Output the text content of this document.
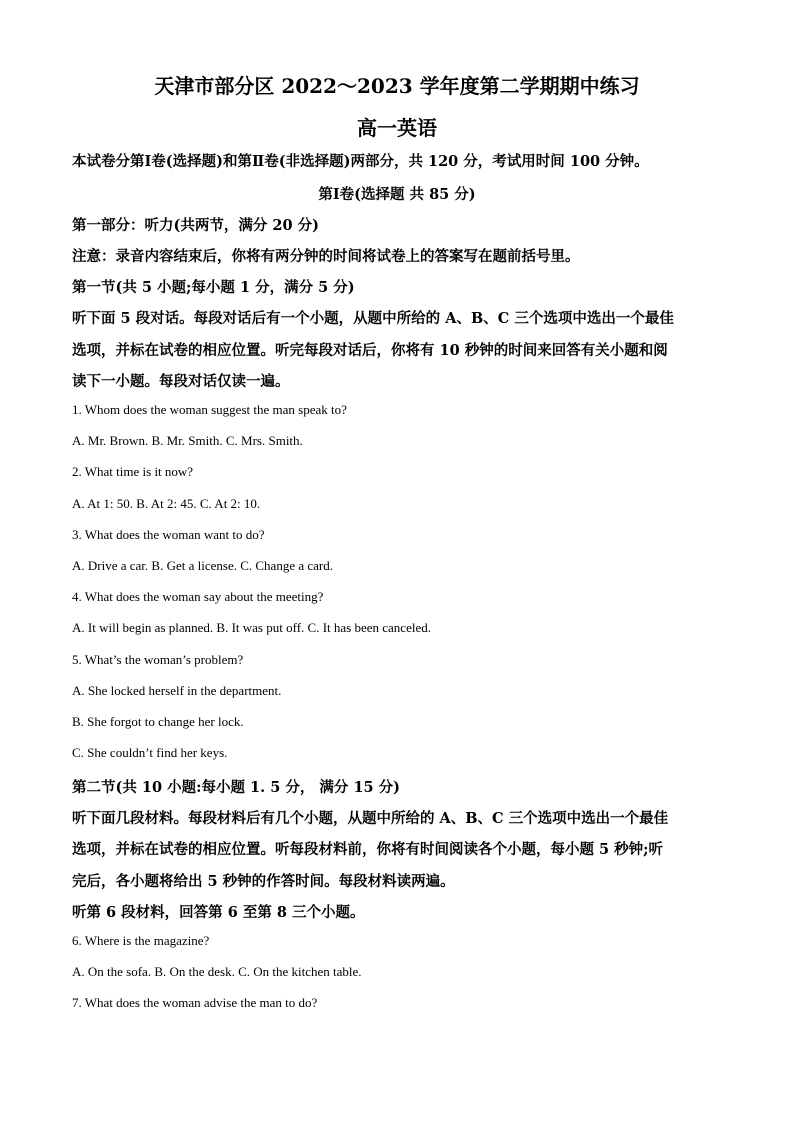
天津市部分区 2022～2023 学年度第二学期期中练习
高一英语
本试卷分第Ⅰ卷(选择题)和第Ⅱ卷(非选择题)两部分，共 120 分，考试用时间 100 分钟。
第Ⅰ卷(选择题 共 85 分)
第一部分：听力(共两节，满分 20 分)
注意：录音内容结束后，你将有两分钟的时间将试卷上的答案写在题前括号里。
第一节(共 5 小题;每小题 1 分，满分 5 分)
听下面 5 段对话。每段对话后有一个小题，从题中所给的 A、B、C 三个选项中选出一个最佳
选项，并标在试卷的相应位置。听完每段对话后，你将有 10 秒钟的时间来回答有关小题和阅
读下一小题。每段对话仅读一遍。
1. Whom does the woman suggest the man speak to?
A. Mr. Brown. B. Mr. Smith. C. Mrs. Smith.
2. What time is it now?
A. At 1: 50. B. At 2: 45. C. At 2: 10.
3. What does the woman want to do?
A. Drive a car. B. Get a license. C. Change a card.
4. What does the woman say about the meeting?
A. It will begin as planned. B. It was put off. C. It has been canceled.
5. What’s the woman’s problem?
A. She locked herself in the department.
B. She forgot to change her lock.
C. She couldn’t find her keys.
第二节(共 10 小题:每小题 1. 5 分， 满分 15 分)
听下面几段材料。每段材料后有几个小题，从题中所给的 A、B、C 三个选项中选出一个最佳
选项，并标在试卷的相应位置。听每段材料前，你将有时间阅读各个小题，每小题 5 秒钟;听
完后，各小题将给出 5 秒钟的作答时间。每段材料读两遍。
听第 6 段材料，回答第 6 至第 8 三个小题。
6. Where is the magazine?
A. On the sofa. B. On the desk. C. On the kitchen table.
7. What does the woman advise the man to do?
